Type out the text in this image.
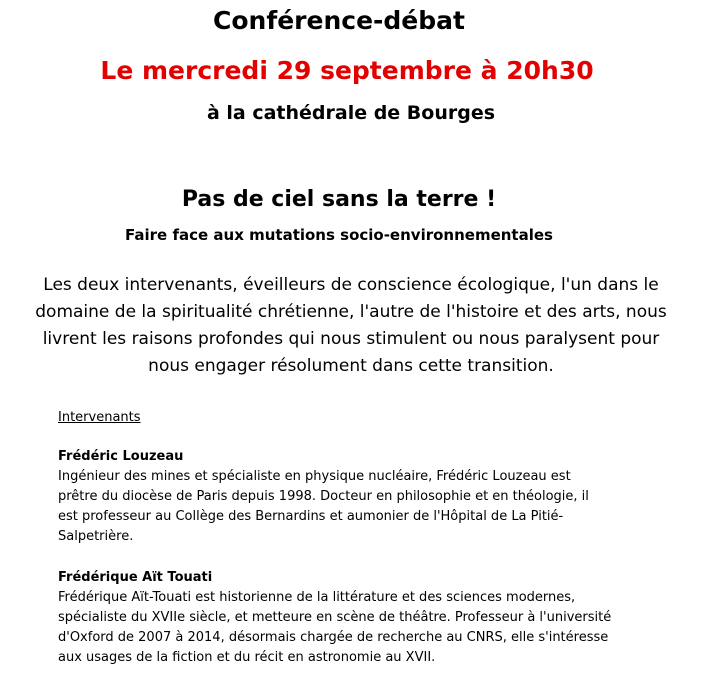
Conférence-débat
Le mercredi 29 septembre à 20h30
à la cathédrale de Bourges
Pas de ciel sans la terre !
Faire face aux mutations socio-environnementales
Les deux intervenants, éveilleurs de conscience écologique, l'un dans le
domaine de la spiritualité chrétienne, l'autre de l'histoire et des arts, nous
livrent les raisons profondes qui nous stimulent ou nous paralysent pour
nous engager résolument dans cette transition.
Intervenants
Frédéric Louzeau
Ingénieur des mines et spécialiste en physique nucléaire, Frédéric Louzeau est
prêtre du diocèse de Paris depuis 1998. Docteur en philosophie et en théologie, il
est professeur au Collège des Bernardins et aumonier de l'Hôpital de La Pitié-
Salpetrière.
Frédérique Aït Touati
Frédérique Aït-Touati est historienne de la littérature et des sciences modernes,
spécialiste du XVIIe siècle, et metteure en scène de théâtre. Professeur à l'université
d'Oxford de 2007 à 2014, désormais chargée de recherche au CNRS, elle s'intéresse
aux usages de la fiction et du récit en astronomie au XVII.
